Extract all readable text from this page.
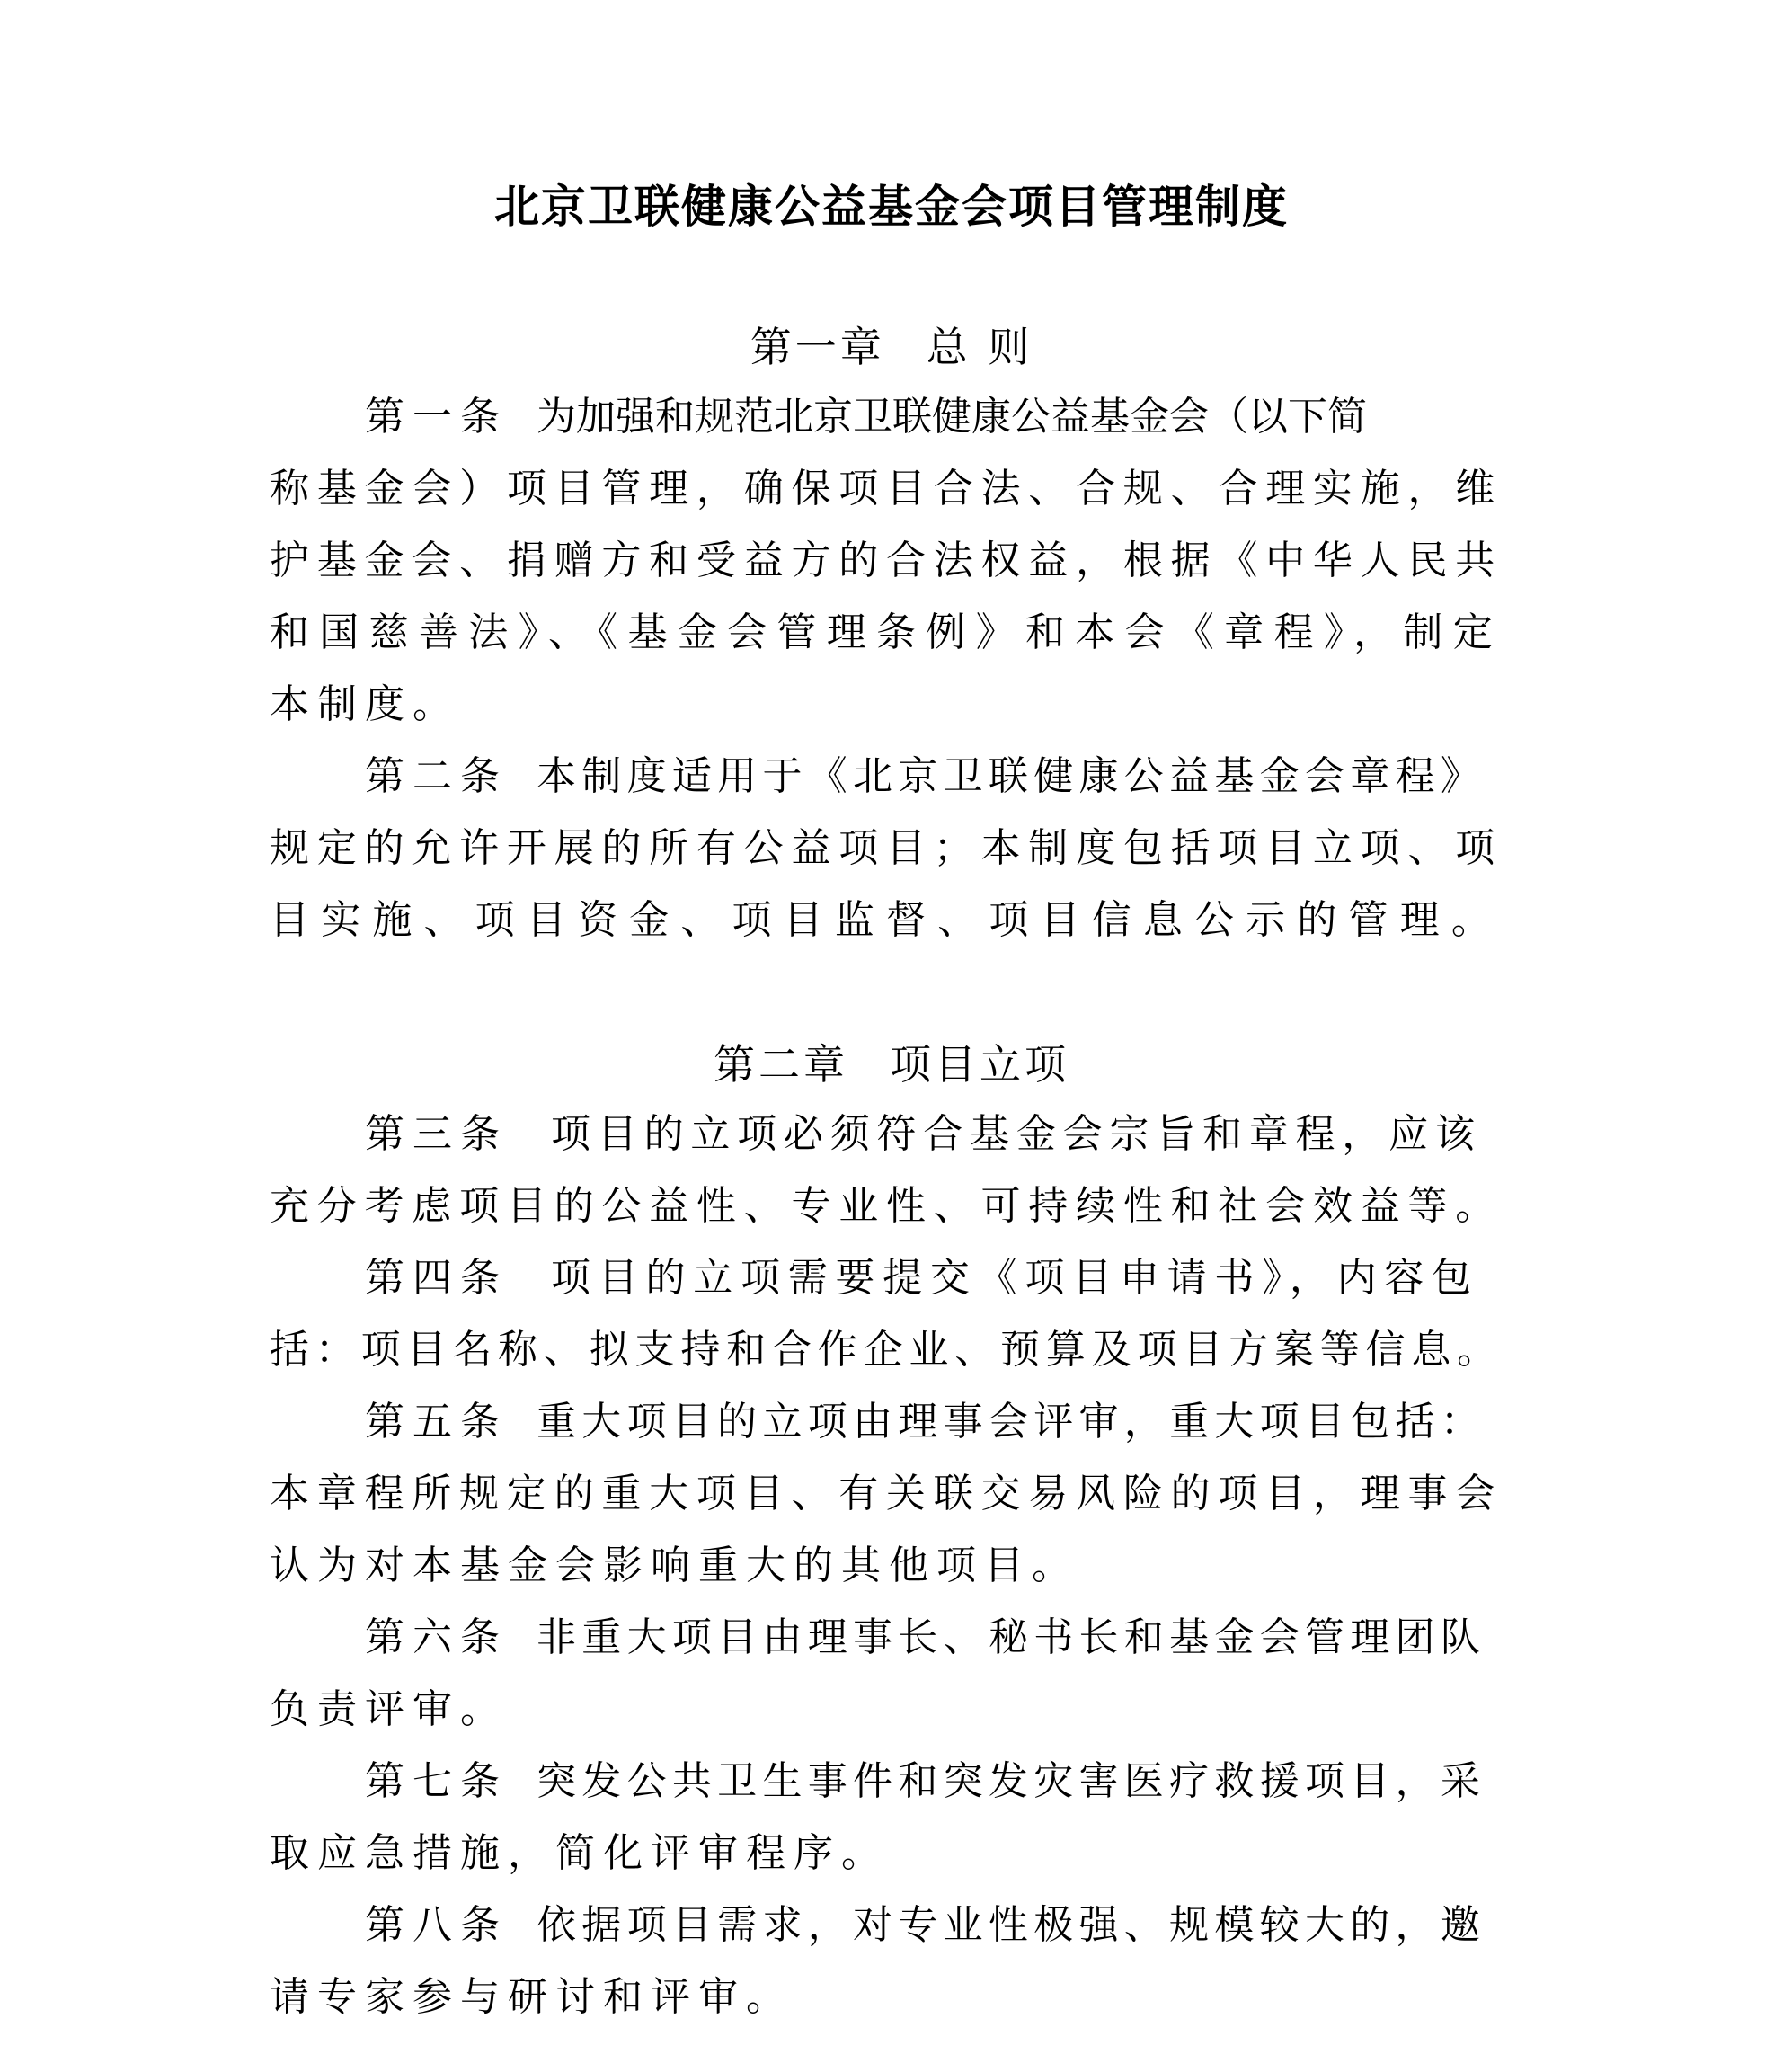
北京卫联健康公益基金会项目管理制度
第一章 总 则
第二章 项目立项
第一条 为加强和规范北京卫联健康公益基金会（以下简
称基金会）项目管理，确保项目合法、合规、合理实施，维
护基金会、捐赠方和受益方的合法权益，根据《中华人民共
和国慈善法》、《基金会管理条例》和本会《章程》，制定
本制度。
第二条 本制度适用于《北京卫联健康公益基金会章程》
规定的允许开展的所有公益项目；本制度包括项目立项、项
目实施、项目资金、项目监督、项目信息公示的管理。
第三条 项目的立项必须符合基金会宗旨和章程，应该
充分考虑项目的公益性、专业性、可持续性和社会效益等。
第四条 项目的立项需要提交《项目申请书》，内容包
括：项目名称、拟支持和合作企业、预算及项目方案等信息。
第五条 重大项目的立项由理事会评审，重大项目包括：
本章程所规定的重大项目、有关联交易风险的项目，理事会
认为对本基金会影响重大的其他项目。
第六条 非重大项目由理事长、秘书长和基金会管理团队
负责评审。
第七条 突发公共卫生事件和突发灾害医疗救援项目，采
取应急措施，简化评审程序。
第八条 依据项目需求，对专业性极强、规模较大的，邀
请专家参与研讨和评审。
